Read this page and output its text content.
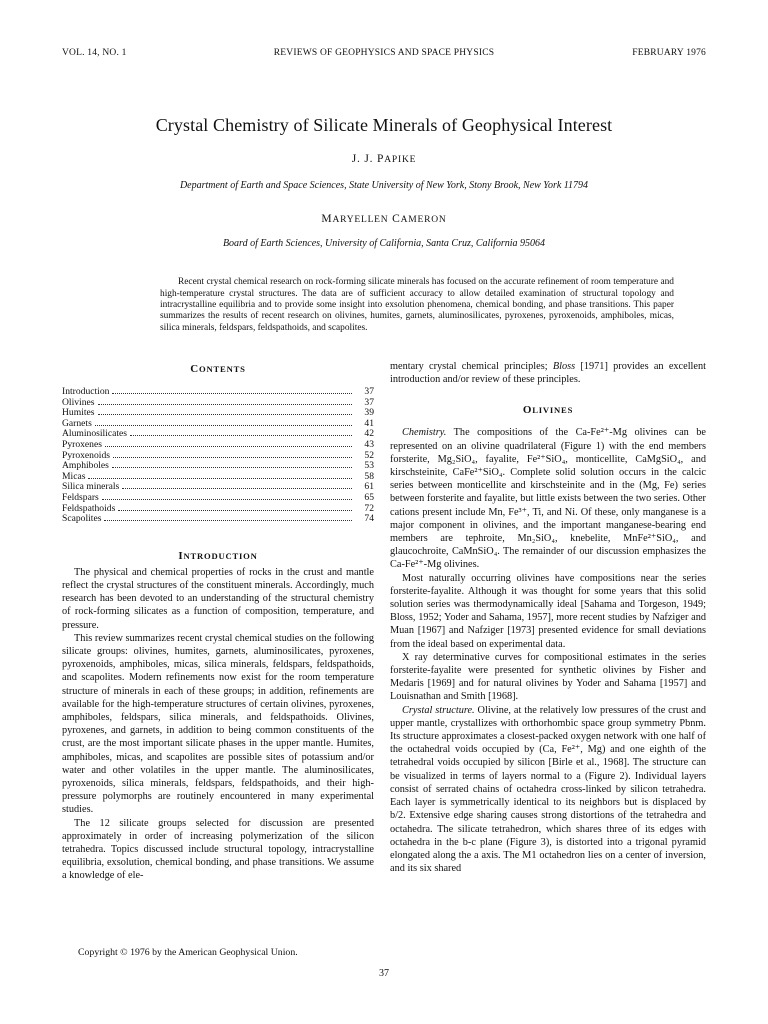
VOL. 14, NO. 1	REVIEWS OF GEOPHYSICS AND SPACE PHYSICS	FEBRUARY 1976
Crystal Chemistry of Silicate Minerals of Geophysical Interest
J. J. PAPIKE
Department of Earth and Space Sciences, State University of New York, Stony Brook, New York 11794
MARYELLEN CAMERON
Board of Earth Sciences, University of California, Santa Cruz, California 95064

Recent crystal chemical research on rock-forming silicate minerals has focused on the accurate refinement of room temperature and high-temperature crystal structures. The data are of sufficient accuracy to allow detailed examination of structural topology and intracrystalline equilibria and to provide some insight into exsolution phenomena, chemical bonding, and phase transitions. This paper summarizes the results of recent research on olivines, humites, garnets, aluminosilicates, pyroxenes, pyroxenoids, amphiboles, micas, silica minerals, feldspars, feldspathoids, and scapolites.

CONTENTS
Introduction	37
Olivines	37
Humites	39
Garnets	41
Aluminosilicates	42
Pyroxenes	43
Pyroxenoids	52
Amphiboles	53
Micas	58
Silica minerals	61
Feldspars	65
Feldspathoids	72
Scapolites	74
INTRODUCTION

The physical and chemical properties of rocks in the crust and mantle reflect the crystal structures of the constituent minerals. Accordingly, much research has been devoted to an understanding of the structural chemistry of rock-forming silicates as a function of composition, temperature, and pressure.

This review summarizes recent crystal chemical studies on the following silicate groups: olivines, humites, garnets, aluminosilicates, pyroxenes, pyroxenoids, amphiboles, micas, silica minerals, feldspars, feldspathoids, and scapolites. Modern refinements now exist for the room temperature structure of minerals in each of these groups; in addition, refinements are available for the high-temperature structures of certain olivines, pyroxenes, amphiboles, feldspars, silica minerals, and feldspathoids. Olivines, pyroxenes, and garnets, in addition to being common constituents of the crust, are the most important silicate phases in the upper mantle. Humites, amphiboles, micas, and scapolites are possible sites of potassium and/or water and other volatiles in the upper mantle. The aluminosilicates, pyroxenoids, silica minerals, feldspars, feldspathoids, and their high-pressure polymorphs are routinely encountered in many experimental studies.

The 12 silicate groups selected for discussion are presented approximately in order of increasing polymerization of the silicon tetrahedra. Topics discussed include structural topology, intracrystalline equilibria, exsolution, chemical bonding, and phase transitions. We assume a knowledge of ele-

mentary crystal chemical principles; Bloss [1971] provides an excellent introduction and/or review of these principles.

OLIVINES

Chemistry. The compositions of the Ca-Fe²⁺-Mg olivines can be represented on an olivine quadrilateral (Figure 1) with the end members forsterite, Mg₂SiO₄, fayalite, Fe²⁺SiO₄, monticellite, CaMgSiO₄, and kirschsteinite, CaFe²⁺SiO₄. Complete solid solution occurs in the calcic series between monticellite and kirschsteinite and in the (Mg, Fe) series between forsterite and fayalite, but little exists between the two series. Other cations present include Mn, Fe³⁺, Ti, and Ni. Of these, only manganese is a major component in olivines, and the important manganese-bearing end members are tephroite, Mn₂SiO₄, knebelite, MnFe²⁺SiO₄, and glaucochroite, CaMnSiO₄. The remainder of our discussion emphasizes the Ca-Fe²⁺-Mg olivines.

Most naturally occurring olivines have compositions near the series forsterite-fayalite. Although it was thought for some years that this solid solution series was thermodynamically ideal [Sahama and Torgeson, 1949; Bloss, 1952; Yoder and Sahama, 1957], more recent studies by Nafziger and Muan [1967] and Nafziger [1973] presented evidence for small deviations from the ideal based on experimental data.

X ray determinative curves for compositional estimates in the series forsterite-fayalite were presented for synthetic olivines by Fisher and Medaris [1969] and for natural olivines by Yoder and Sahama [1957] and Louisnathan and Smith [1968].

Crystal structure. Olivine, at the relatively low pressures of the crust and upper mantle, crystallizes with orthorhombic space group symmetry Pbnm. Its structure approximates a closest-packed oxygen network with one half of the octahedral voids occupied by (Ca, Fe²⁺, Mg) and one eighth of the tetrahedral voids occupied by silicon [Birle et al., 1968]. The structure can be visualized in terms of layers normal to a (Figure 2). Individual layers consist of serrated chains of octahedra cross-linked by silicon tetrahedra. Each layer is symmetrically identical to its neighbors but is displaced by b/2. Extensive edge sharing causes strong distortions of the tetrahedra and octahedra. The silicate tetrahedron, which shares three of its edges with octahedra in the b-c plane (Figure 3), is distorted into a trigonal pyramid elongated along the a axis. The M1 octahedron lies on a center of inversion, and its six shared

Copyright © 1976 by the American Geophysical Union.
37
